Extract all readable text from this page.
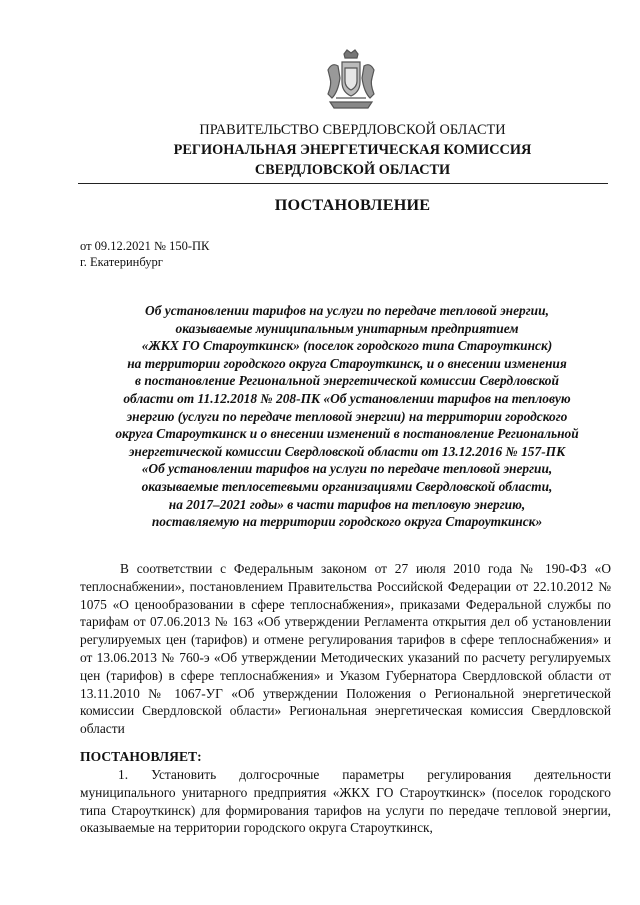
ПРАВИТЕЛЬСТВО СВЕРДЛОВСКОЙ ОБЛАСТИ
РЕГИОНАЛЬНАЯ ЭНЕРГЕТИЧЕСКАЯ КОМИССИЯ
СВЕРДЛОВСКОЙ ОБЛАСТИ
ПОСТАНОВЛЕНИЕ
от 09.12.2021 № 150-ПК
г. Екатеринбург
Об установлении тарифов на услуги по передаче тепловой энергии,
оказываемые муниципальным унитарным предприятием
«ЖКХ ГО Староуткинск» (поселок городского типа Староуткинск)
на территории городского округа Староуткинск, и о внесении изменения
в постановление Региональной энергетической комиссии Свердловской
области от 11.12.2018 № 208-ПК «Об установлении тарифов на тепловую
энергию (услуги по передаче тепловой энергии) на территории городского
округа Староуткинск и о внесении изменений в постановление Региональной
энергетической комиссии Свердловской области от 13.12.2016 № 157-ПК
«Об установлении тарифов на услуги по передаче тепловой энергии,
оказываемые теплосетевыми организациями Свердловской области,
на 2017–2021 годы» в части тарифов на тепловую энергию,
поставляемую на территории городского округа Староуткинск»
В соответствии с Федеральным законом от 27 июля 2010 года № 190-ФЗ «О теплоснабжении», постановлением Правительства Российской Федерации от 22.10.2012 № 1075 «О ценообразовании в сфере теплоснабжения», приказами Федеральной службы по тарифам от 07.06.2013 № 163 «Об утверждении Регламента открытия дел об установлении регулируемых цен (тарифов) и отмене регулирования тарифов в сфере теплоснабжения» и от 13.06.2013 № 760-э «Об утверждении Методических указаний по расчету регулируемых цен (тарифов) в сфере теплоснабжения» и Указом Губернатора Свердловской области от 13.11.2010 № 1067-УГ «Об утверждении Положения о Региональной энергетической комиссии Свердловской области» Региональная энергетическая комиссия Свердловской области
ПОСТАНОВЛЯЕТ:
1. Установить долгосрочные параметры регулирования деятельности муниципального унитарного предприятия «ЖКХ ГО Староуткинск» (поселок городского типа Староуткинск) для формирования тарифов на услуги по передаче тепловой энергии, оказываемые на территории городского округа Староуткинск,
